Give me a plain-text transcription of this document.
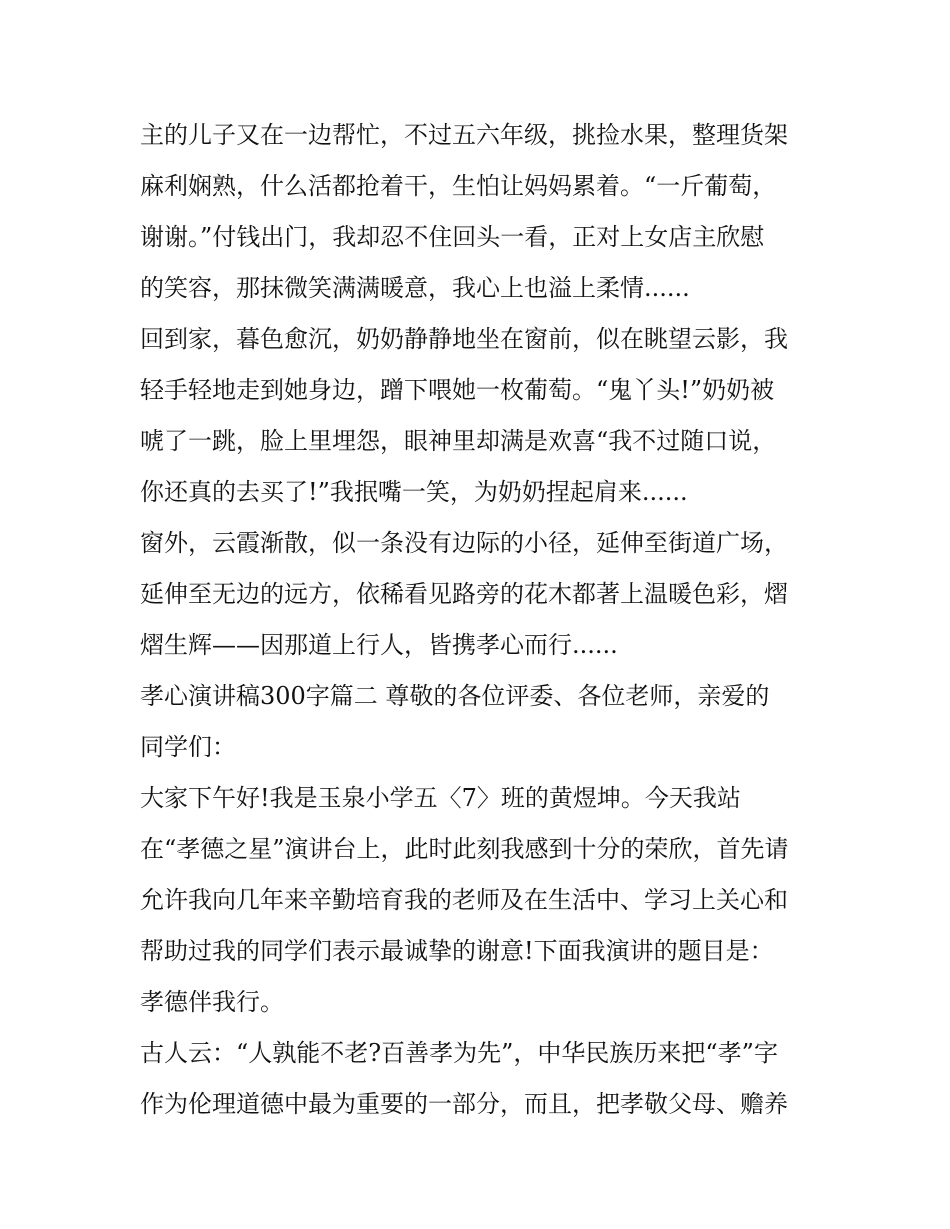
主的儿子又在一边帮忙，不过五六年级，挑捡水果，整理货架
麻利娴熟，什么活都抢着干，生怕让妈妈累着。“一斤葡萄，
谢谢。”付钱出门，我却忍不住回头一看，正对上女店主欣慰
的笑容，那抹微笑满满暖意，我心上也溢上柔情......
回到家，暮色愈沉，奶奶静静地坐在窗前，似在眺望云影，我
轻手轻地走到她身边，蹭下喂她一枚葡萄。“鬼丫头!”奶奶被
唬了一跳，脸上里埋怨，眼神里却满是欢喜“我不过随口说，
你还真的去买了!”我抿嘴一笑，为奶奶捏起肩来......
窗外，云霞渐散，似一条没有边际的小径，延伸至街道广场，
延伸至无边的远方，依稀看见路旁的花木都著上温暖色彩，熠
熠生辉——因那道上行人，皆携孝心而行......
孝心演讲稿300字篇二 尊敬的各位评委、各位老师，亲爱的
同学们：
大家下午好!我是玉泉小学五〈7〉班的黄煜坤。今天我站
在“孝德之星”演讲台上，此时此刻我感到十分的荣欣，首先请
允许我向几年来辛勤培育我的老师及在生活中、学习上关心和
帮助过我的同学们表示最诚挚的谢意!下面我演讲的题目是：
孝德伴我行。
古人云：“人孰能不老?百善孝为先”，中华民族历来把“孝”字
作为伦理道德中最为重要的一部分，而且，把孝敬父母、赡养
